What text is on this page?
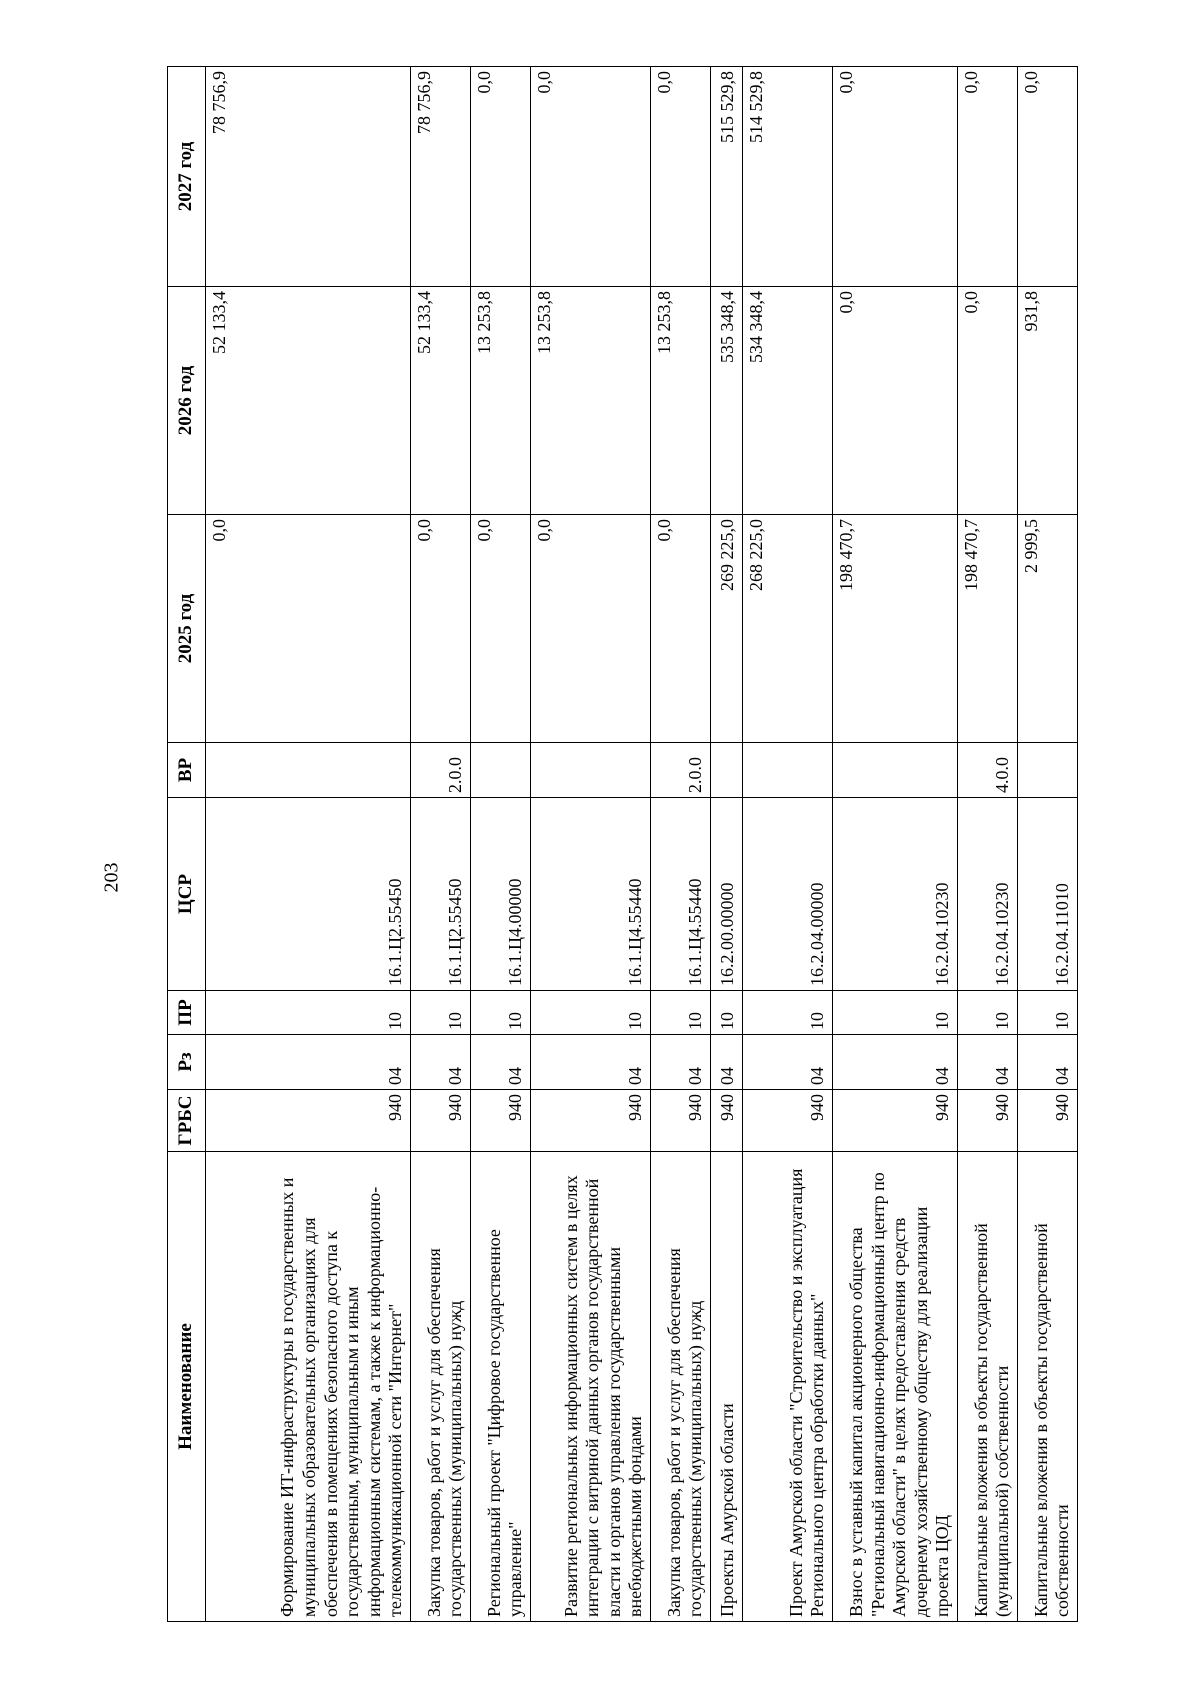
203
Наименование	ГРБС	Рз	ПР	ЦСР	ВР	2025 год	2026 год	2027 год
Формирование ИТ-инфраструктуры в государственных и муниципальных образовательных организациях для обеспечения в помещениях безопасного доступа к государственным, муниципальным и иным информационным системам, а также к информационно-телекоммуникационной сети "Интернет"	940	04	10	16.1.Ц2.55450		0,0	52 133,4	78 756,9
Закупка товаров, работ и услуг для обеспечения государственных (муниципальных) нужд	940	04	10	16.1.Ц2.55450	2.0.0	0,0	52 133,4	78 756,9
Региональный проект "Цифровое государственное управление"	940	04	10	16.1.Ц4.00000		0,0	13 253,8	0,0
Развитие региональных информационных систем в целях интеграции с витриной данных органов государственной власти и органов управления государственными внебюджетными фондами	940	04	10	16.1.Ц4.55440		0,0	13 253,8	0,0
Закупка товаров, работ и услуг для обеспечения государственных (муниципальных) нужд	940	04	10	16.1.Ц4.55440	2.0.0	0,0	13 253,8	0,0
Проекты Амурской области	940	04	10	16.2.00.00000		269 225,0	535 348,4	515 529,8
Проект Амурской области "Строительство и эксплуатация Регионального центра обработки данных"	940	04	10	16.2.04.00000		268 225,0	534 348,4	514 529,8
Взнос в уставный капитал акционерного общества "Региональный навигационно-информационный центр по Амурской области" в целях предоставления средств дочернему хозяйственному обществу для реализации проекта ЦОД	940	04	10	16.2.04.10230		198 470,7	0,0	0,0
Капитальные вложения в объекты государственной (муниципальной) собственности	940	04	10	16.2.04.10230	4.0.0	198 470,7	0,0	0,0
Капитальные вложения в объекты государственной собственности	940	04	10	16.2.04.11010		2 999,5	931,8	0,0
